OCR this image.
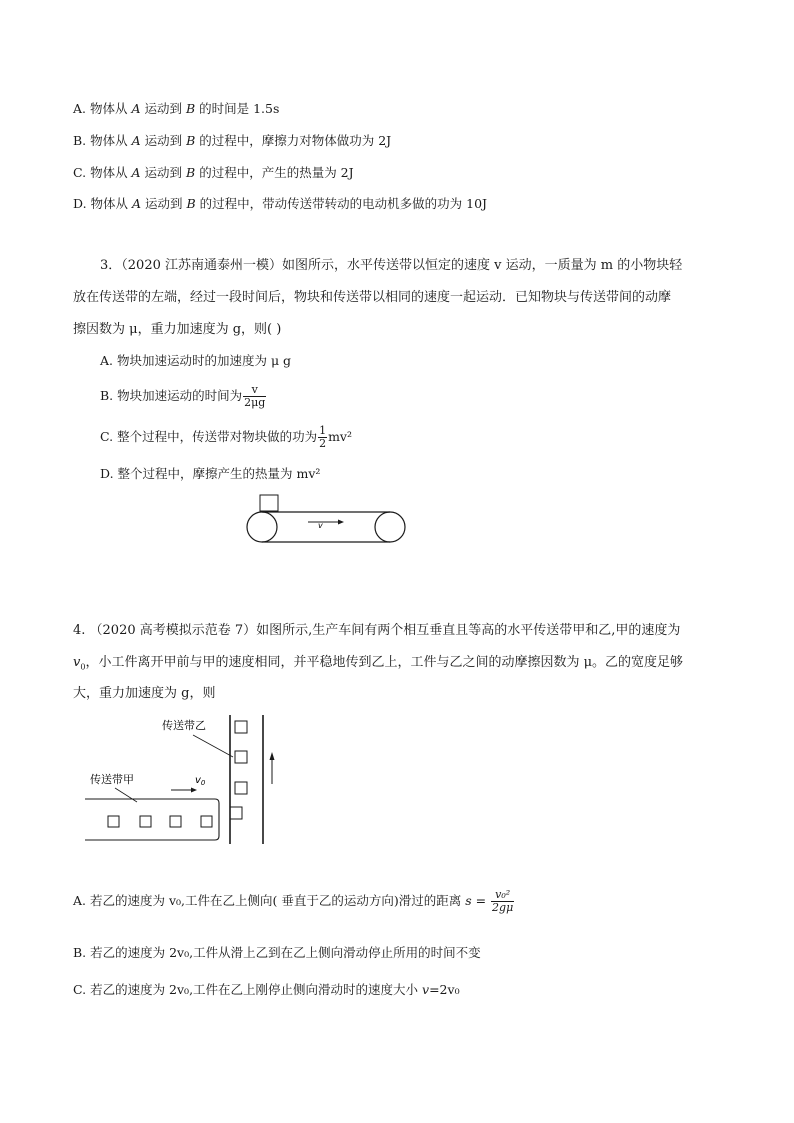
A. 物体从 A 运动到 B 的时间是 1.5s
B. 物体从 A 运动到 B 的过程中，摩擦力对物体做功为 2J
C. 物体从 A 运动到 B 的过程中，产生的热量为 2J
D. 物体从 A 运动到 B 的过程中，带动传送带转动的电动机多做的功为 10J
3．（2020 江苏南通泰州一模）如图所示，水平传送带以恒定的速度 v 运动，一质量为 m 的小物块轻
放在传送带的左端，经过一段时间后，物块和传送带以相同的速度一起运动．已知物块与传送带间的动摩
擦因数为 μ，重力加速度为 g，则( )
A. 物块加速运动时的加速度为 μ g
B. 物块加速运动的时间为 $\frac{v}{2\mu g}$
C. 整个过程中，传送带对物块做的功为 $\frac{1}{2} mv^2$
D. 整个过程中，摩擦产生的热量为 mv²
v
4. （2020 高考模拟示范卷 7）如图所示,生产车间有两个相互垂直且等高的水平传送带甲和乙,甲的速度为
$v_0$，小工件离开甲前与甲的速度相同，并平稳地传到乙上，工件与乙之间的动摩擦因数为 μ。乙的宽度足够
大，重力加速度为 g，则
$v_0$
传送带乙
传送带甲
A. 若乙的速度为 v₀,工件在乙上侧向( 垂直于乙的运动方向)滑过的距离 $s = \frac{\text{v₀²}}{2g\mu}$
B. 若乙的速度为 2v₀,工件从滑上乙到在乙上侧向滑动停止所用的时间不变
C. 若乙的速度为 2v₀,工件在乙上刚停止侧向滑动时的速度大小 v=2v₀
